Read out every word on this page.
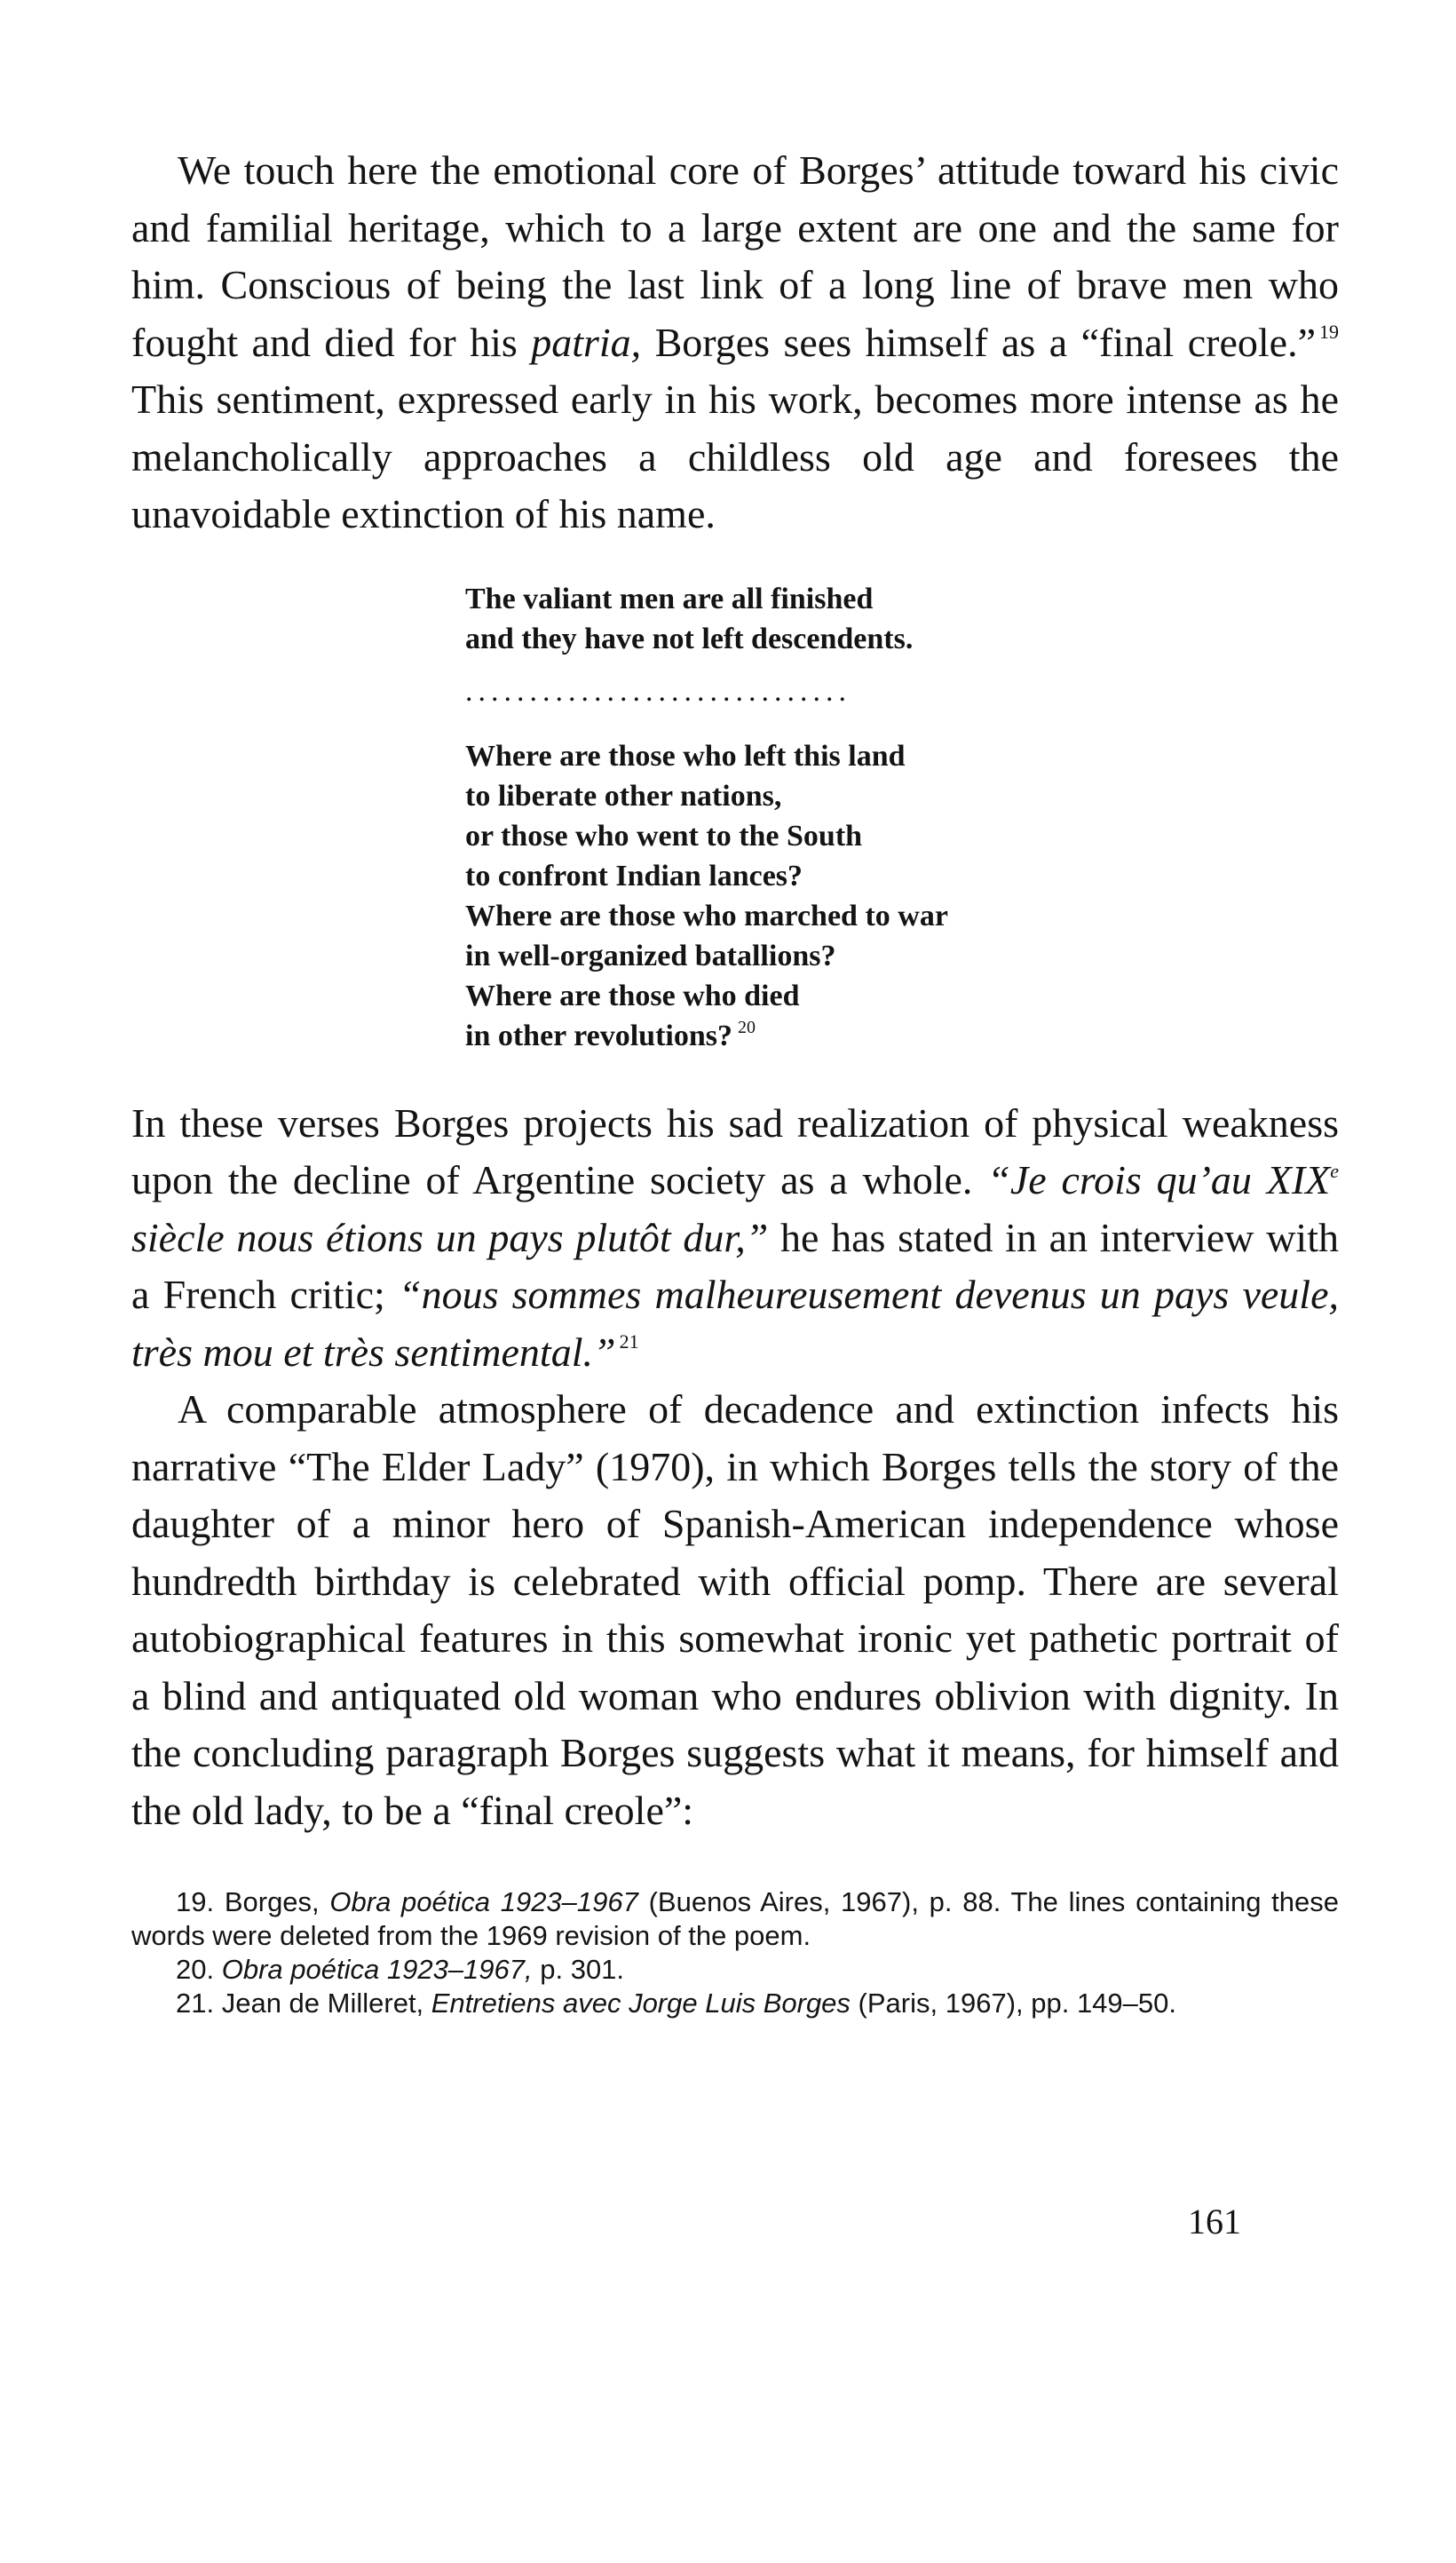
We touch here the emotional core of Borges’ attitude toward his civic and familial heritage, which to a large extent are one and the same for him. Conscious of being the last link of a long line of brave men who fought and died for his patria, Borges sees himself as a “final creole.” $^{19}$ This sentiment, expressed early in his work, becomes more intense as he melancholically approaches a childless old age and foresees the unavoidable extinction of his name.

The valiant men are all finished
and they have not left descendents.
..............................
Where are those who left this land
to liberate other nations,
or those who went to the South
to confront Indian lances?
Where are those who marched to war
in well-organized batallions?
Where are those who died
in other revolutions? $^{20}$

In these verses Borges projects his sad realization of physical weakness upon the decline of Argentine society as a whole. “Je crois qu’au XIXe siècle nous étions un pays plutôt dur,” he has stated in an interview with a French critic; “nous sommes malheureusement devenus un pays veule, très mou et très sentimental.” $^{21}$

A comparable atmosphere of decadence and extinction infects his narrative “The Elder Lady” (1970), in which Borges tells the story of the daughter of a minor hero of Spanish-American independence whose hundredth birthday is celebrated with official pomp. There are several autobiographical features in this somewhat ironic yet pathetic portrait of a blind and antiquated old woman who endures oblivion with dignity. In the concluding paragraph Borges suggests what it means, for himself and the old lady, to be a “final creole”:

19. Borges, Obra poética 1923–1967 (Buenos Aires, 1967), p. 88. The lines containing these words were deleted from the 1969 revision of the poem.

20. Obra poética 1923–1967, p. 301.

21. Jean de Milleret, Entretiens avec Jorge Luis Borges (Paris, 1967), pp. 149–50.

161
